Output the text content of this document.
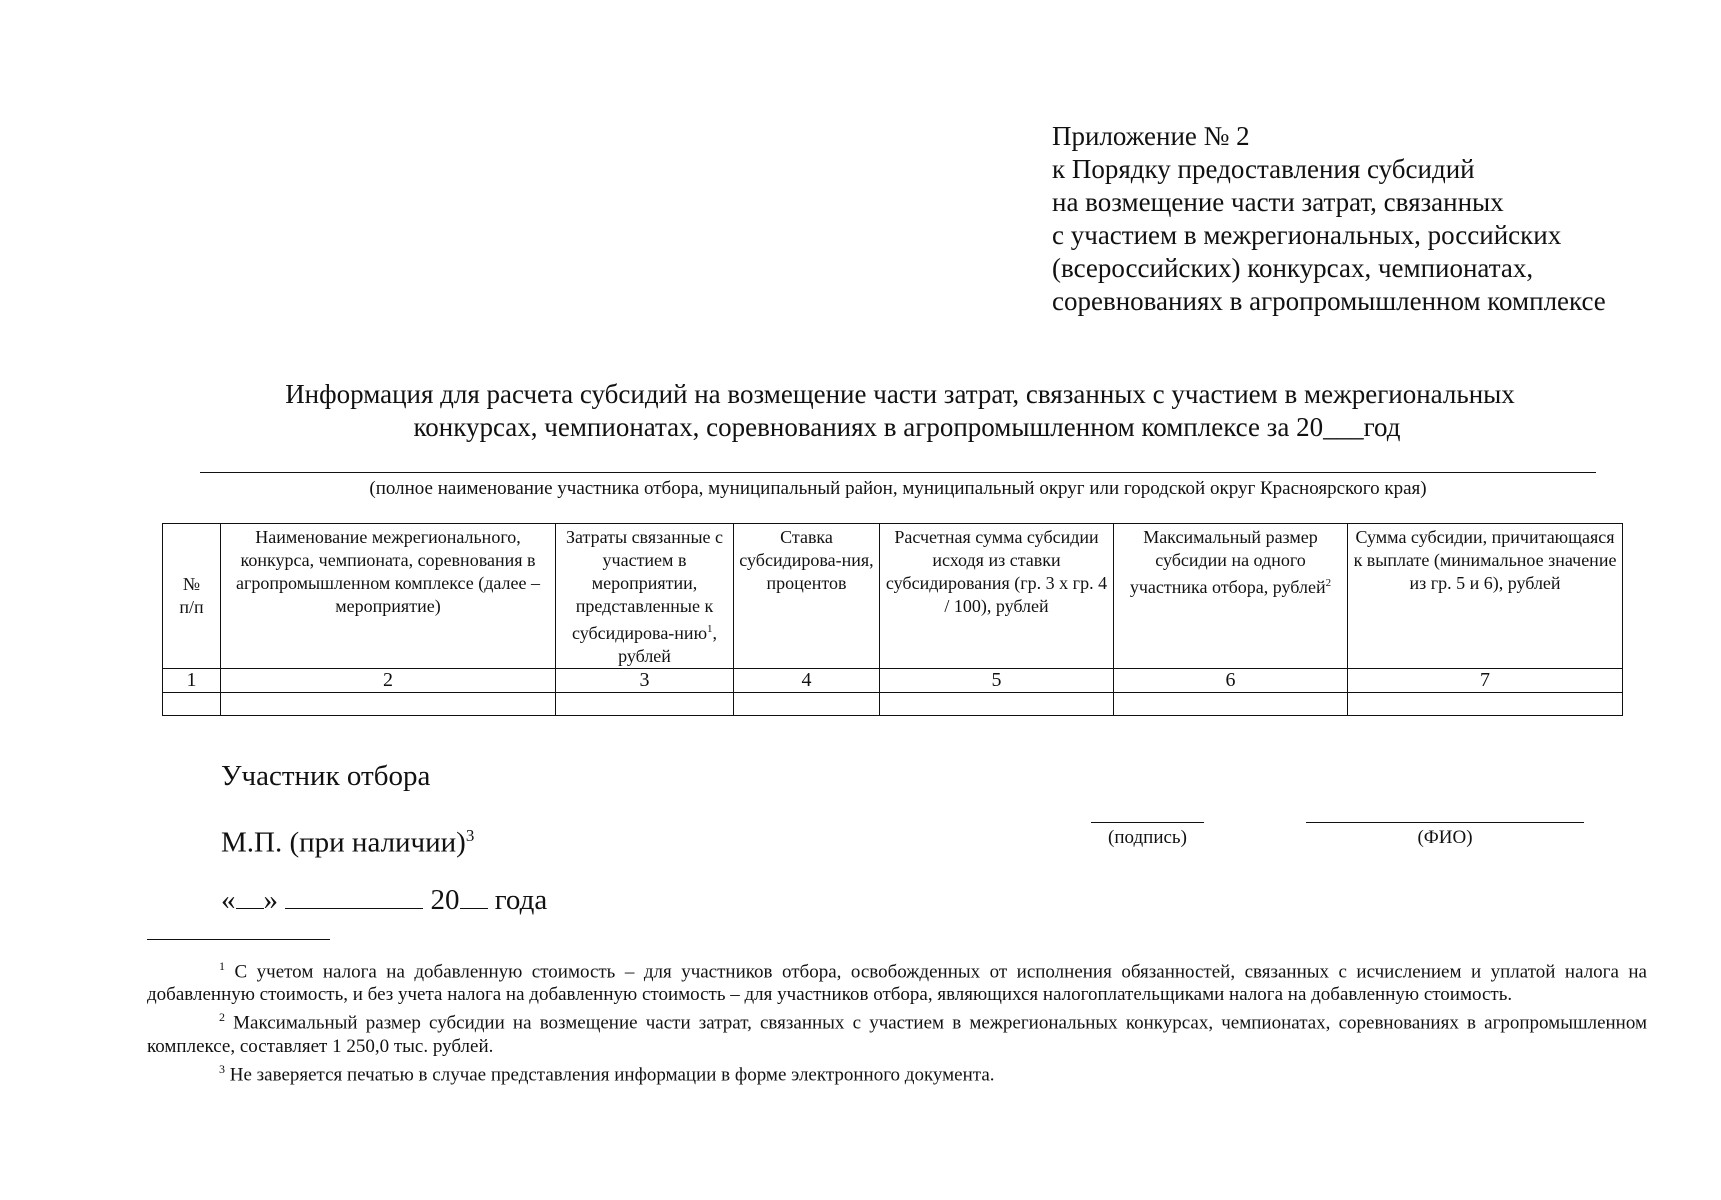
Приложение № 2
к Порядку предоставления субсидий
на возмещение части затрат, связанных
с участием в межрегиональных, российских
(всероссийских) конкурсах, чемпионатах,
соревнованиях в агропромышленном комплексе
Информация для расчета субсидий на возмещение части затрат, связанных с участием в межрегиональных
конкурсах, чемпионатах, соревнованиях в агропромышленном комплексе за 20___год
(полное наименование участника отбора, муниципальный район, муниципальный округ или городской округ Красноярского края)
№ п/п	Наименование межрегионального, конкурса, чемпионата, соревнования в агропромышленном комплексе (далее – мероприятие)	Затраты связанные с участием в мероприятии, представленные к субсидирова-нию$^1$, рублей	Ставка субсидирова-ния, процентов	Расчетная сумма субсидии исходя из ставки субсидирования (гр. 3 х гр. 4 / 100), рублей	Максимальный размер субсидии на одного участника отбора, рублей$^2$	Сумма субсидии, причитающаяся к выплате (минимальное значение из гр. 5 и 6), рублей
1	2	3	4	5	6	7

Участник отбора
М.П. (при наличии)$^3$
« »	20 года
(подпись)	(ФИО)

$^1$ С учетом налога на добавленную стоимость – для участников отбора, освобожденных от исполнения обязанностей, связанных с исчислением и уплатой налога на добавленную стоимость, и без учета налога на добавленную стоимость – для участников отбора, являющихся налогоплательщиками налога на добавленную стоимость.

$^2$ Максимальный размер субсидии на возмещение части затрат, связанных с участием в межрегиональных конкурсах, чемпионатах, соревнованиях в агропромышленном комплексе, составляет 1 250,0 тыс. рублей.

$^3$ Не заверяется печатью в случае представления информации в форме электронного документа.
